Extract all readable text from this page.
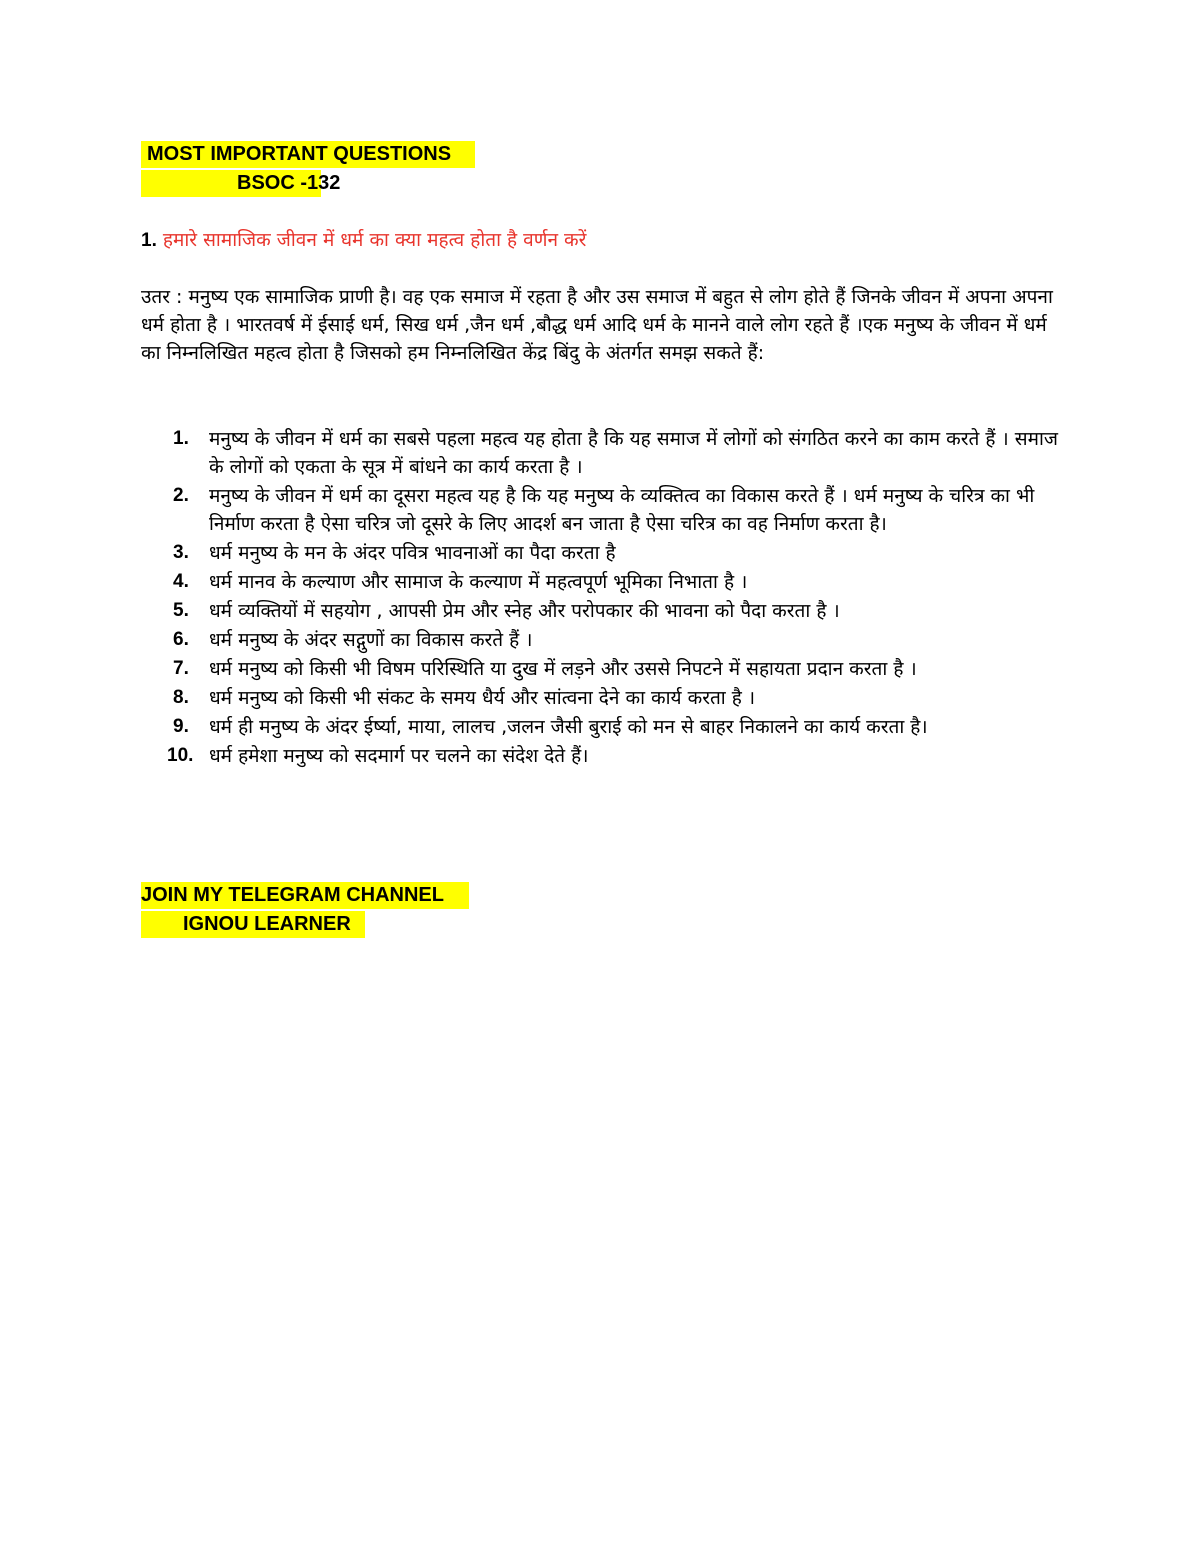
MOST IMPORTANT QUESTIONS
BSOC -132
1. हमारे सामाजिक जीवन में धर्म का क्या महत्व होता है वर्णन करें
उतर : मनुष्य एक सामाजिक प्राणी है। वह एक समाज में रहता है और उस समाज में बहुत से लोग होते हैं जिनके जीवन में अपना अपना धर्म होता है । भारतवर्ष में ईसाई धर्म, सिख धर्म ,जैन धर्म ,बौद्ध धर्म आदि धर्म के मानने वाले लोग रहते हैं ।एक मनुष्य के जीवन में धर्म का निम्नलिखित महत्व होता है जिसको हम निम्नलिखित केंद्र बिंदु के अंतर्गत समझ सकते हैं:
1. मनुष्य के जीवन में धर्म का सबसे पहला महत्व यह होता है कि यह समाज में लोगों को संगठित करने का काम करते हैं । समाज के लोगों को एकता के सूत्र में बांधने का कार्य करता है ।
2. मनुष्य के जीवन में धर्म का दूसरा महत्व यह है कि यह मनुष्य के व्यक्तित्व का विकास करते हैं । धर्म मनुष्य के चरित्र का भी निर्माण करता है ऐसा चरित्र जो दूसरे के लिए आदर्श बन जाता है ऐसा चरित्र का वह निर्माण करता है।
3. धर्म मनुष्य के मन के अंदर पवित्र भावनाओं का पैदा करता है
4. धर्म मानव के कल्याण और सामाज के कल्याण में महत्वपूर्ण भूमिका निभाता है ।
5. धर्म व्यक्तियों में सहयोग , आपसी प्रेम और स्नेह और परोपकार की भावना को पैदा करता है ।
6. धर्म मनुष्य के अंदर सद्गुणों का विकास करते हैं ।
7. धर्म मनुष्य को किसी भी विषम परिस्थिति या दुख में लड़ने और उससे निपटने में सहायता प्रदान करता है ।
8. धर्म मनुष्य को किसी भी संकट के समय धैर्य और सांत्वना देने का कार्य करता है ।
9. धर्म ही मनुष्य के अंदर ईर्ष्या, माया, लालच ,जलन जैसी बुराई को मन से बाहर निकालने का कार्य करता है।
10. धर्म हमेशा मनुष्य को सदमार्ग पर चलने का संदेश देते हैं।
JOIN MY TELEGRAM CHANNEL
IGNOU LEARNER
